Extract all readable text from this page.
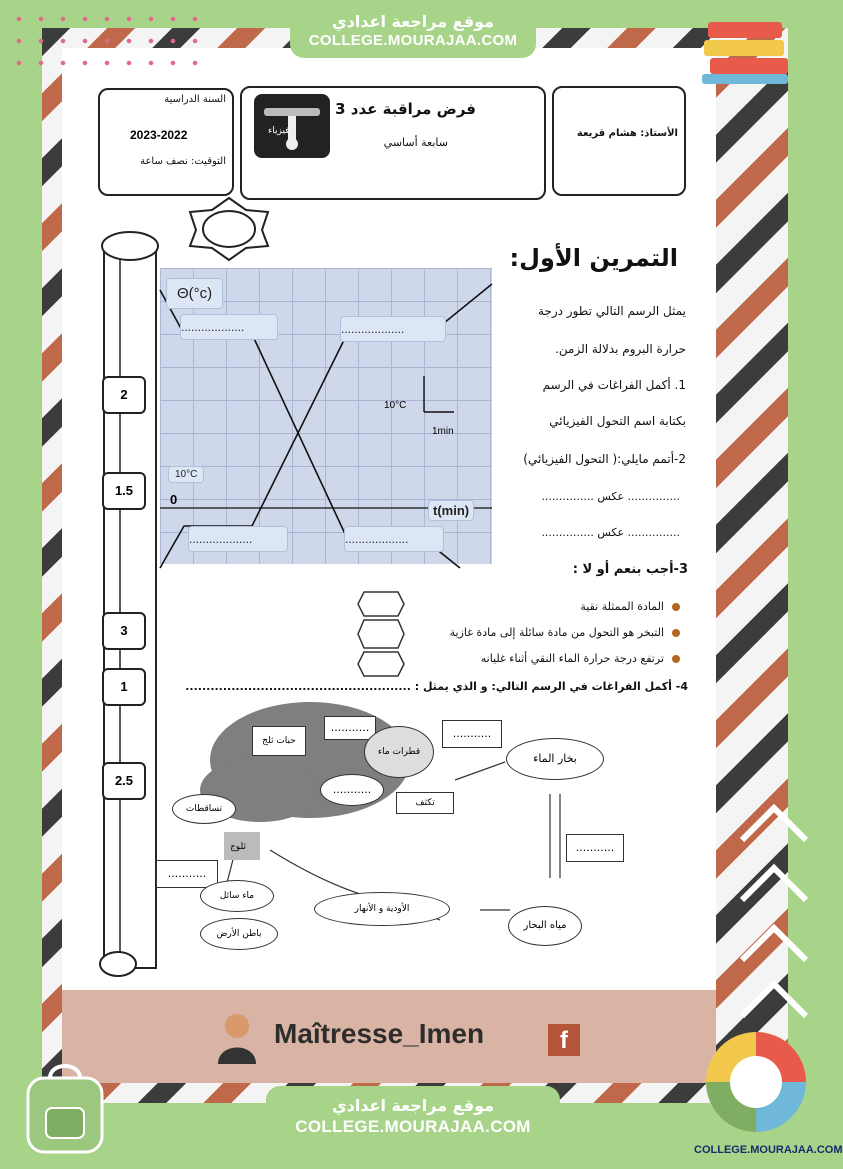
موقع مراجعة اعدادي
COLLEGE.MOURAJAA.COM
السنة الدراسية
2023-2022
التوقيت: نصف ساعة
فيزياء
فرض مراقبة عدد 3
سابعة أساسي
الأستاذ: هشام قريعة
2
1.5
3
1
2.5
التمرين الأول:
Θ(°c)
...................	...................
...................	...................
10°C
1min
10°C
0
t(min)
يمثل الرسم التالي تطور درجة
حرارة البروم بدلالة الزمن.
1. أكمل الفراغات في الرسم
بكتابة اسم التحول الفيزيائي
2-أتمم مايلي:( التحول الفيزيائي)
............... عكس ...............
............... عكس ...............
3-أجب بنعم أو لا :
المادة الممثلة نقية
التبخر هو التحول من مادة سائلة إلى مادة غازية
ترتفع درجة حرارة الماء النقي أثناء غليانه
4- أكمل الفراغات في الرسم التالي: و الذي يمثل : ......................................................
حبات ثلج
...........
قطرات ماء
...........
...........
بخار الماء
تكثف
تساقطات
ثلوج
...........
...........
ماء سائل
الأودية و الأنهار
باطن الأرض
مياه البحار
Maîtresse_Imen	f
موقع مراجعة اعدادي
COLLEGE.MOURAJAA.COM
COLLEGE.MOURAJAA.COM
